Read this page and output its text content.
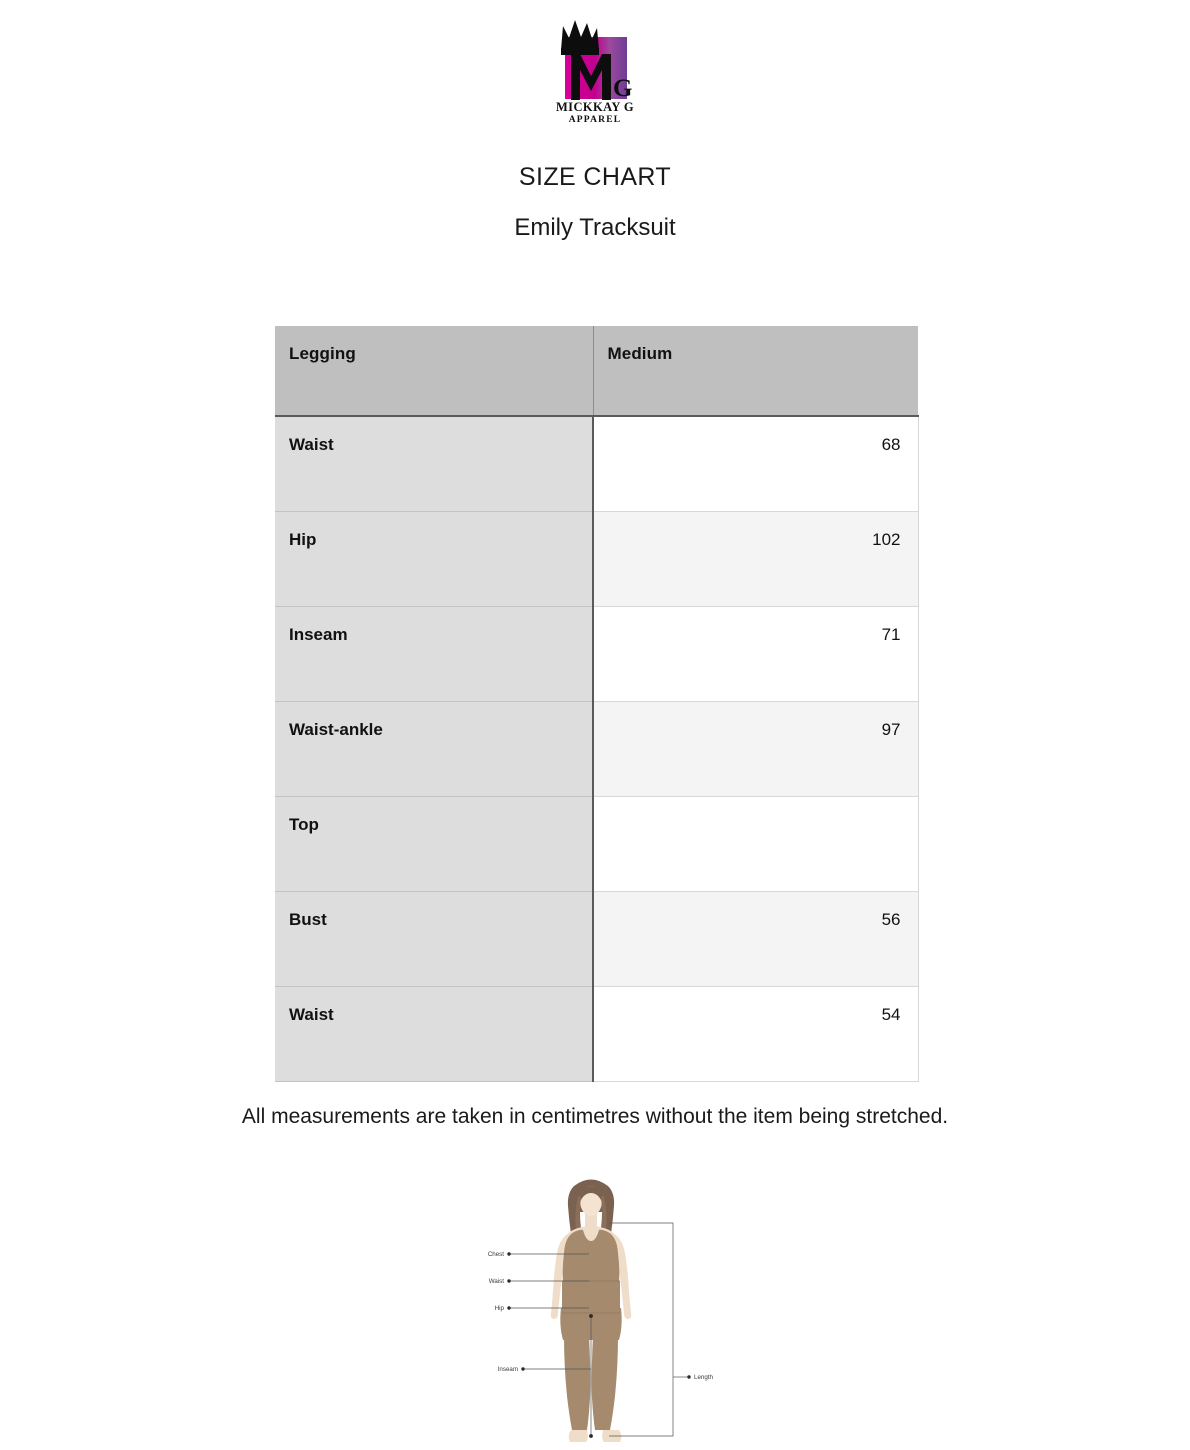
G
MICKKAY G
APPAREL
SIZE CHART
Emily Tracksuit
Legging	Medium
Waist	68
Hip	102
Inseam	71
Waist-ankle	97
Top	
Bust	56
Waist	54
All measurements are taken in centimetres without the item being stretched.
Chest
Waist
Hip
Inseam
Length
